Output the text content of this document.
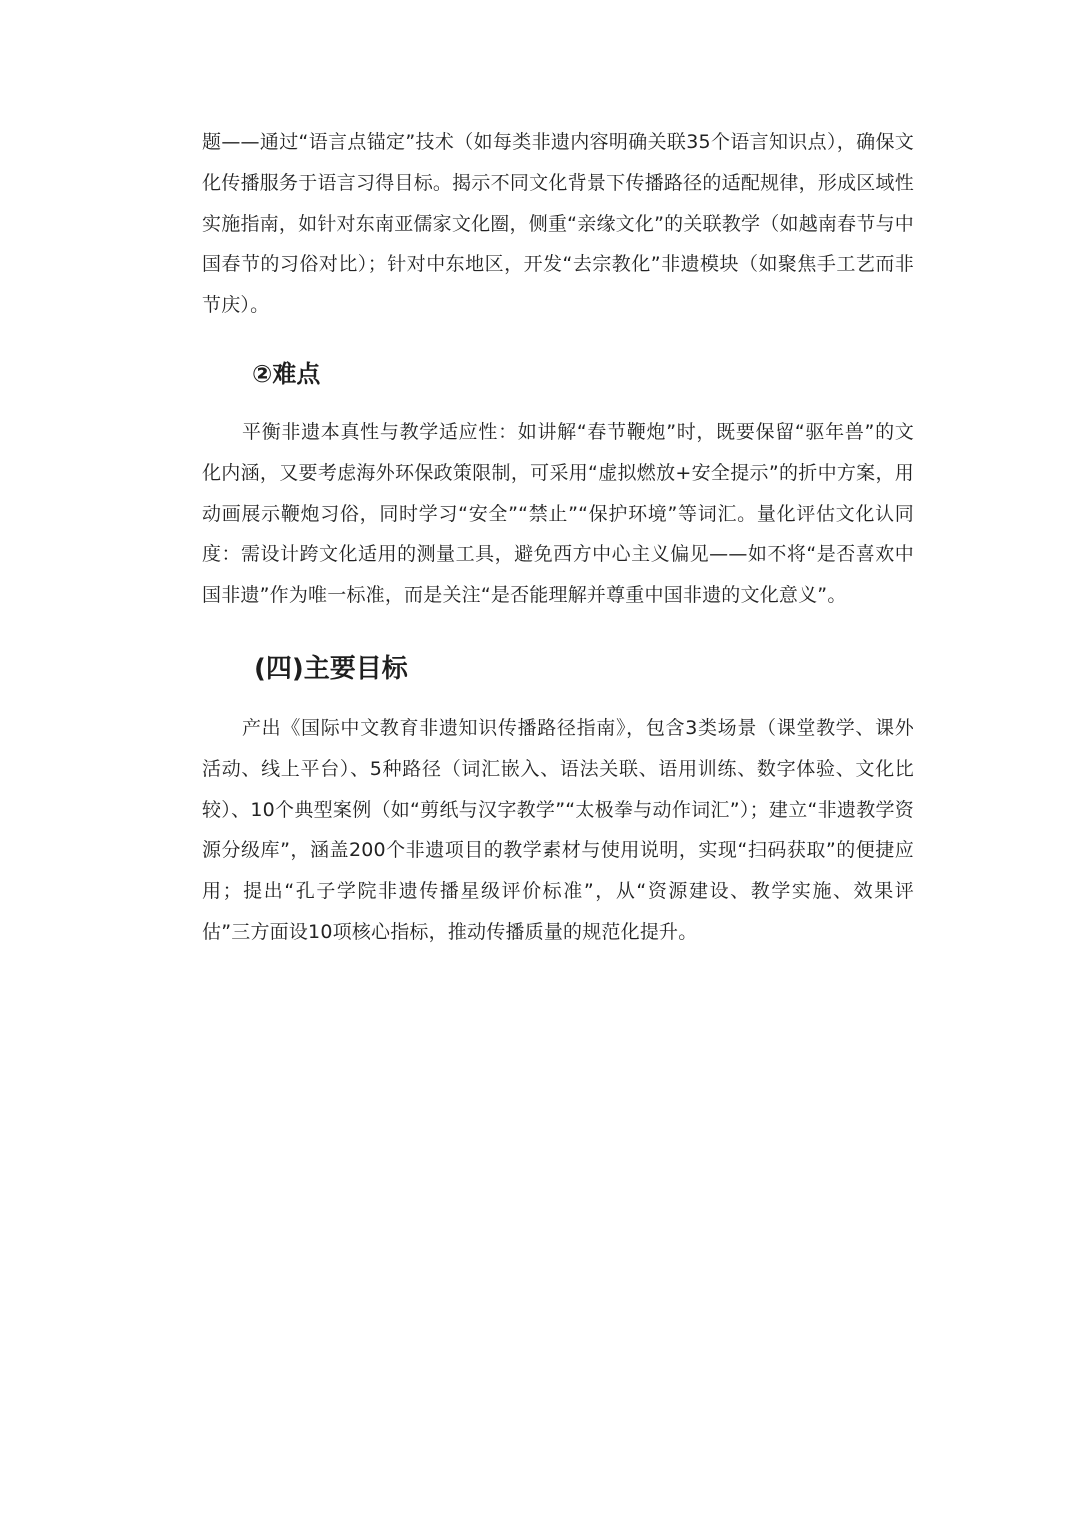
题——通过“语言点锚定”技术（如每类非遗内容明确关联35个语言知识点），确保文化传播服务于语言习得目标。揭示不同文化背景下传播路径的适配规律，形成区域性实施指南，如针对东南亚儒家文化圈，侧重“亲缘文化”的关联教学（如越南春节与中国春节的习俗对比）；针对中东地区，开发“去宗教化”非遗模块（如聚焦手工艺而非节庆）。

②难点

平衡非遗本真性与教学适应性：如讲解“春节鞭炮”时，既要保留“驱年兽”的文化内涵，又要考虑海外环保政策限制，可采用“虚拟燃放+安全提示”的折中方案，用动画展示鞭炮习俗，同时学习“安全”“禁止”“保护环境”等词汇。量化评估文化认同度：需设计跨文化适用的测量工具，避免西方中心主义偏见——如不将“是否喜欢中国非遗”作为唯一标准，而是关注“是否能理解并尊重中国非遗的文化意义”。

(四)主要目标

产出《国际中文教育非遗知识传播路径指南》，包含3类场景（课堂教学、课外活动、线上平台）、5种路径（词汇嵌入、语法关联、语用训练、数字体验、文化比较）、10个典型案例（如“剪纸与汉字教学”“太极拳与动作词汇”）；建立“非遗教学资源分级库”，涵盖200个非遗项目的教学素材与使用说明，实现“扫码获取”的便捷应用；提出“孔子学院非遗传播星级评价标准”，从“资源建设、教学实施、效果评估”三方面设10项核心指标，推动传播质量的规范化提升。
